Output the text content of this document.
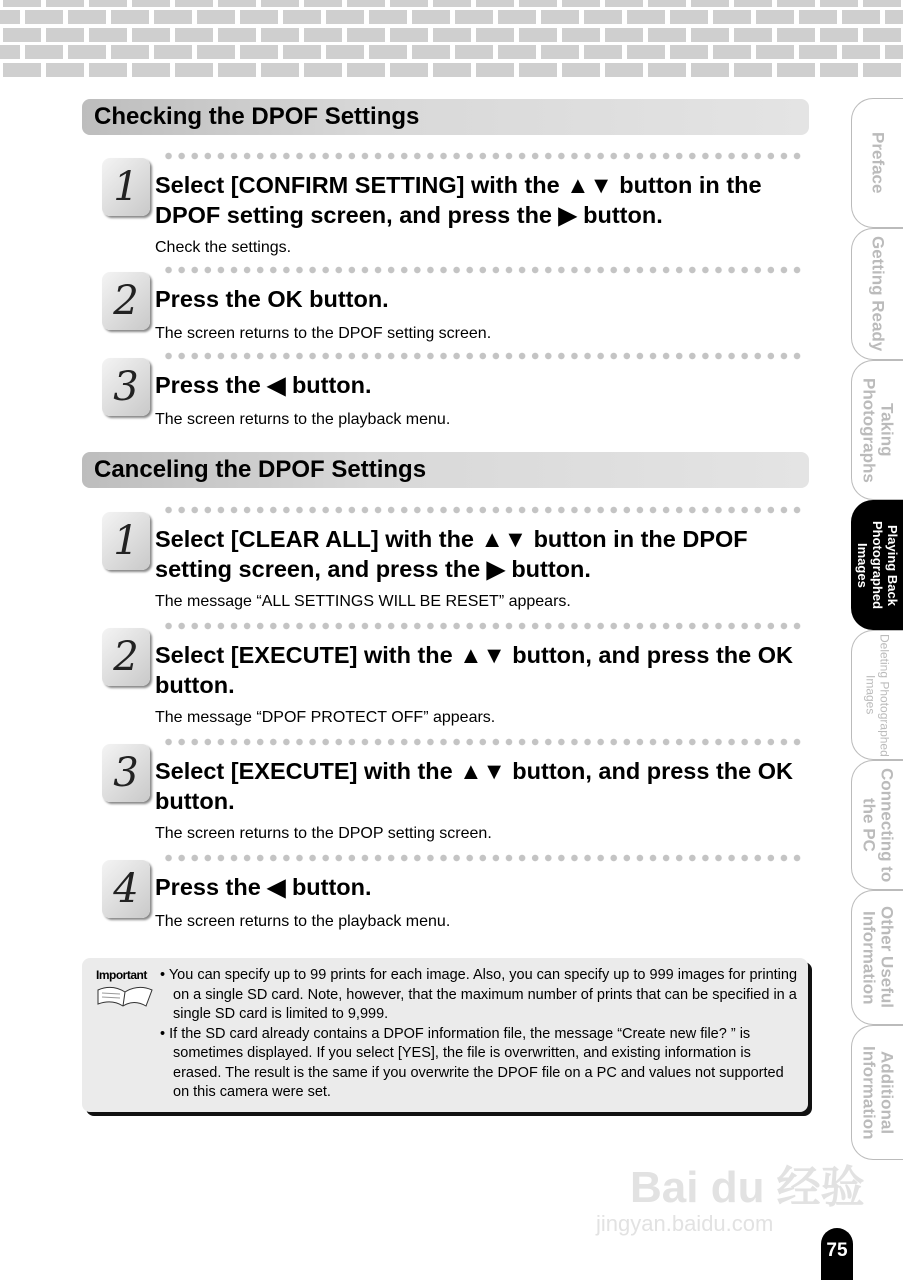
Checking the DPOF Settings
1 Select [CONFIRM SETTING] with the ▲▼ button in the DPOF setting screen, and press the ▶ button.
Check the settings.
2 Press the OK button.
The screen returns to the DPOF setting screen.
3 Press the ◀ button.
The screen returns to the playback menu.
Canceling the DPOF Settings
1 Select [CLEAR ALL] with the ▲▼ button in the DPOF setting screen, and press the ▶ button.
The message “ALL SETTINGS WILL BE RESET” appears.
2 Select [EXECUTE] with the ▲▼ button, and press the OK button.
The message “DPOF PROTECT OFF” appears.
3 Select [EXECUTE] with the ▲▼ button, and press the OK button.
The screen returns to the DPOP setting screen.
4 Press the ◀ button.
The screen returns to the playback menu.
Important • You can specify up to 99 prints for each image. Also, you can specify up to 999 images for printing on a single SD card. Note, however, that the maximum number of prints that can be specified in a single SD card is limited to 9,999.
• If the SD card already contains a DPOF information file, the message “Create new file? ” is sometimes displayed. If you select [YES], the file is overwritten, and existing information is erased. The result is the same if you overwrite the DPOF file on a PC and values not supported on this camera were set.
Preface
Getting Ready
Taking Photographs
Playing Back Photographed Images
Deleting Photographed Images
Connecting to the PC
Other Useful Information
Additional Information
Bai du 经验
jingyan.baidu.com
75
